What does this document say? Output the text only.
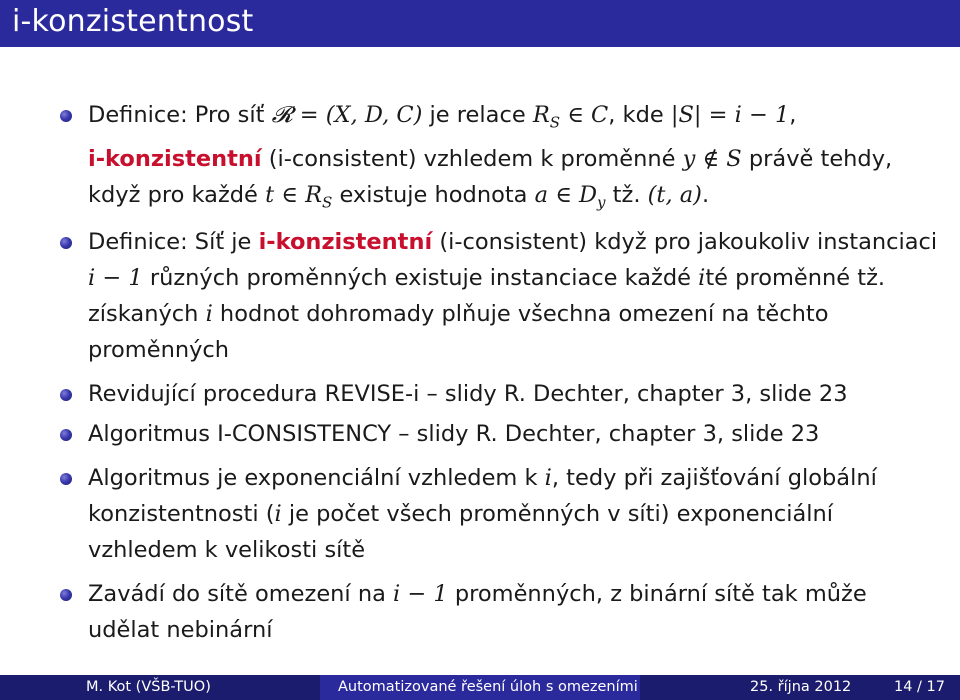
i-konzistentnost
Definice: Pro síť 𝓡 = (X, D, C) je relace $R_S$ ∈ C, kde |S| = i − 1,
i-konzistentní (i-consistent) vzhledem k proměnné y ∉ S právě tehdy, když pro každé t ∈ $R_S$ existuje hodnota a ∈ $D_y$ tž. (t, a).
Definice: Síť je i-konzistentní (i-consistent) když pro jakoukoliv instanciaci i − 1 různých proměnných existuje instanciace každé ité proměnné tž. získaných i hodnot dohromady plňuje všechna omezení na těchto proměnných
Revidující procedura REVISE-i – slidy R. Dechter, chapter 3, slide 23
Algoritmus I-CONSISTENCY – slidy R. Dechter, chapter 3, slide 23
Algoritmus je exponenciální vzhledem k i, tedy při zajišťování globální konzistentnosti (i je počet všech proměnných v síti) exponenciální vzhledem k velikosti sítě
Zavádí do sítě omezení na i − 1 proměnných, z binární sítě tak může udělat nebinární
M. Kot (VŠB-TUO)	Automatizované řešení úloh s omezeními	25. října 2012	14 / 17
